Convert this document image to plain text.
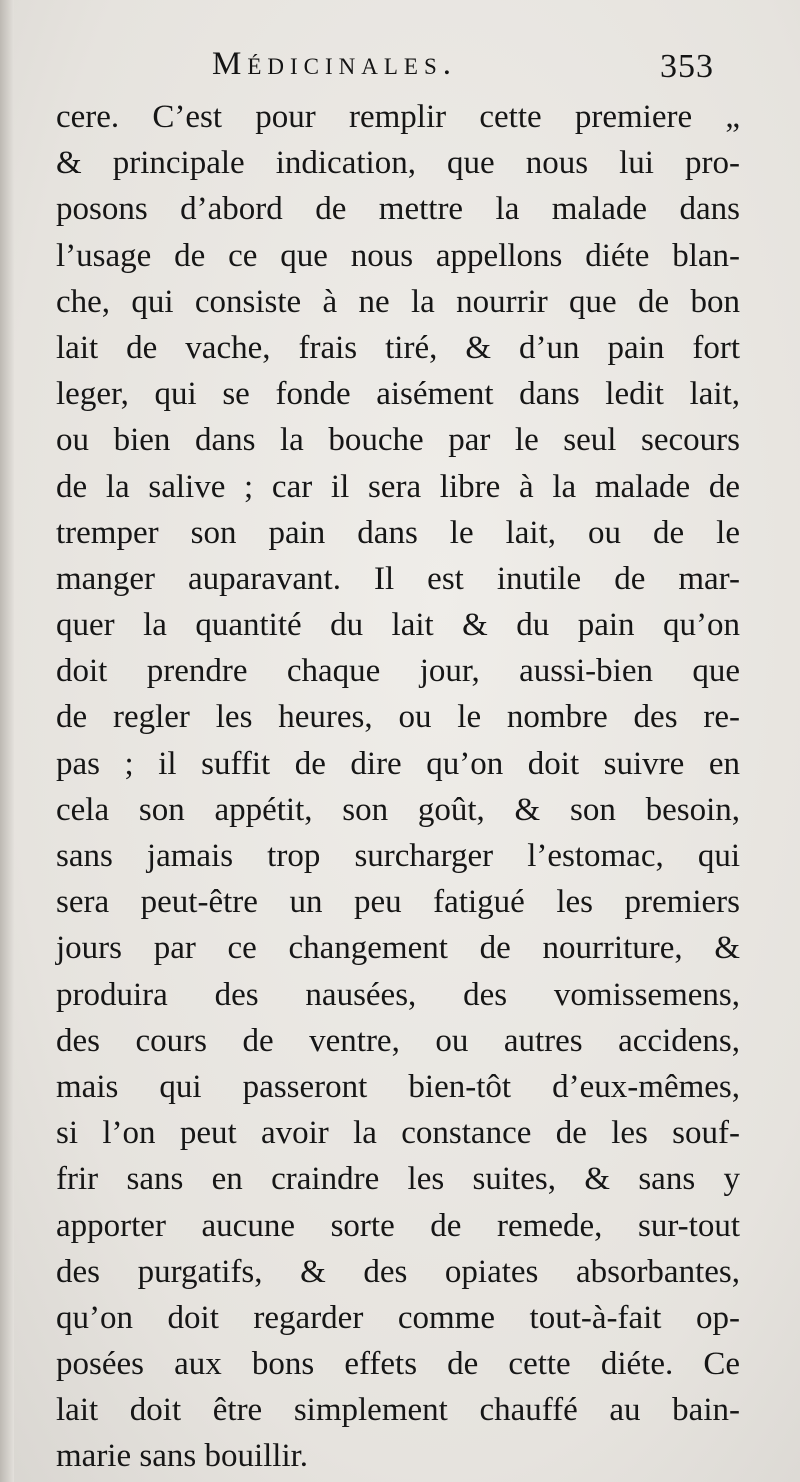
Médicinales.	353
cere. C’est pour remplir cette premiere „
& principale indication, que nous lui pro-
posons d’abord de mettre la malade dans
l’usage de ce que nous appellons diéte blan-
che, qui consiste à ne la nourrir que de bon
lait de vache, frais tiré, & d’un pain fort
leger, qui se fonde aisément dans ledit lait,
ou bien dans la bouche par le seul secours
de la salive ; car il sera libre à la malade de
tremper son pain dans le lait, ou de le
manger auparavant. Il est inutile de mar-
quer la quantité du lait & du pain qu’on
doit prendre chaque jour, aussi-bien que
de regler les heures, ou le nombre des re-
pas ; il suffit de dire qu’on doit suivre en
cela son appétit, son goût, & son besoin,
sans jamais trop surcharger l’estomac, qui
sera peut-être un peu fatigué les premiers
jours par ce changement de nourriture, &
produira des nausées, des vomissemens,
des cours de ventre, ou autres accidens,
mais qui passeront bien-tôt d’eux-mêmes,
si l’on peut avoir la constance de les souf-
frir sans en craindre les suites, & sans y
apporter aucune sorte de remede, sur-tout
des purgatifs, & des opiates absorbantes,
qu’on doit regarder comme tout-à-fait op-
posées aux bons effets de cette diéte. Ce
lait doit être simplement chauffé au bain-
marie sans bouillir.
